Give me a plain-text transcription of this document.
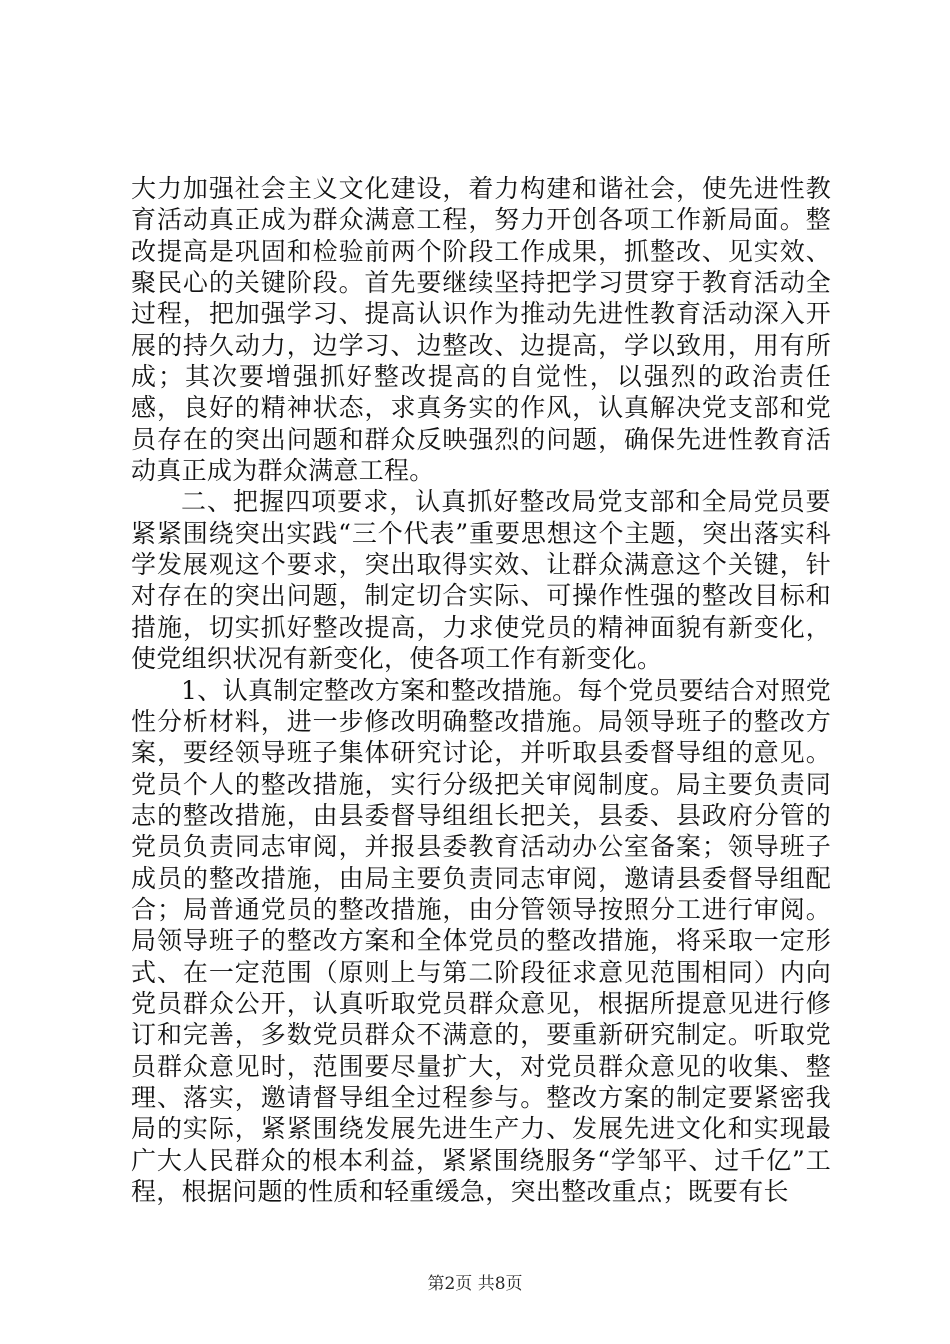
大力加强社会主义文化建设，着力构建和谐社会，使先进性教育活动真正成为群众满意工程，努力开创各项工作新局面。整改提高是巩固和检验前两个阶段工作成果，抓整改、见实效、聚民心的关键阶段。首先要继续坚持把学习贯穿于教育活动全过程，把加强学习、提高认识作为推动先进性教育活动深入开展的持久动力，边学习、边整改、边提高，学以致用，用有所成；其次要增强抓好整改提高的自觉性，以强烈的政治责任感，良好的精神状态，求真务实的作风，认真解决党支部和党员存在的突出问题和群众反映强烈的问题，确保先进性教育活动真正成为群众满意工程。

二、把握四项要求，认真抓好整改局党支部和全局党员要紧紧围绕突出实践“三个代表”重要思想这个主题，突出落实科学发展观这个要求，突出取得实效、让群众满意这个关键，针对存在的突出问题，制定切合实际、可操作性强的整改目标和措施，切实抓好整改提高，力求使党员的精神面貌有新变化，使党组织状况有新变化，使各项工作有新变化。

1、认真制定整改方案和整改措施。每个党员要结合对照党性分析材料，进一步修改明确整改措施。局领导班子的整改方案，要经领导班子集体研究讨论，并听取县委督导组的意见。党员个人的整改措施，实行分级把关审阅制度。局主要负责同志的整改措施，由县委督导组组长把关，县委、县政府分管的党员负责同志审阅，并报县委教育活动办公室备案；领导班子成员的整改措施，由局主要负责同志审阅，邀请县委督导组配合；局普通党员的整改措施，由分管领导按照分工进行审阅。局领导班子的整改方案和全体党员的整改措施，将采取一定形式、在一定范围（原则上与第二阶段征求意见范围相同）内向党员群众公开，认真听取党员群众意见，根据所提意见进行修订和完善，多数党员群众不满意的，要重新研究制定。听取党员群众意见时，范围要尽量扩大，对党员群众意见的收集、整理、落实，邀请督导组全过程参与。整改方案的制定要紧密我局的实际，紧紧围绕发展先进生产力、发展先进文化和实现最广大人民群众的根本利益，紧紧围绕服务“学邹平、过千亿”工程，根据问题的性质和轻重缓急，突出整改重点；既要有长

第2页 共8页
